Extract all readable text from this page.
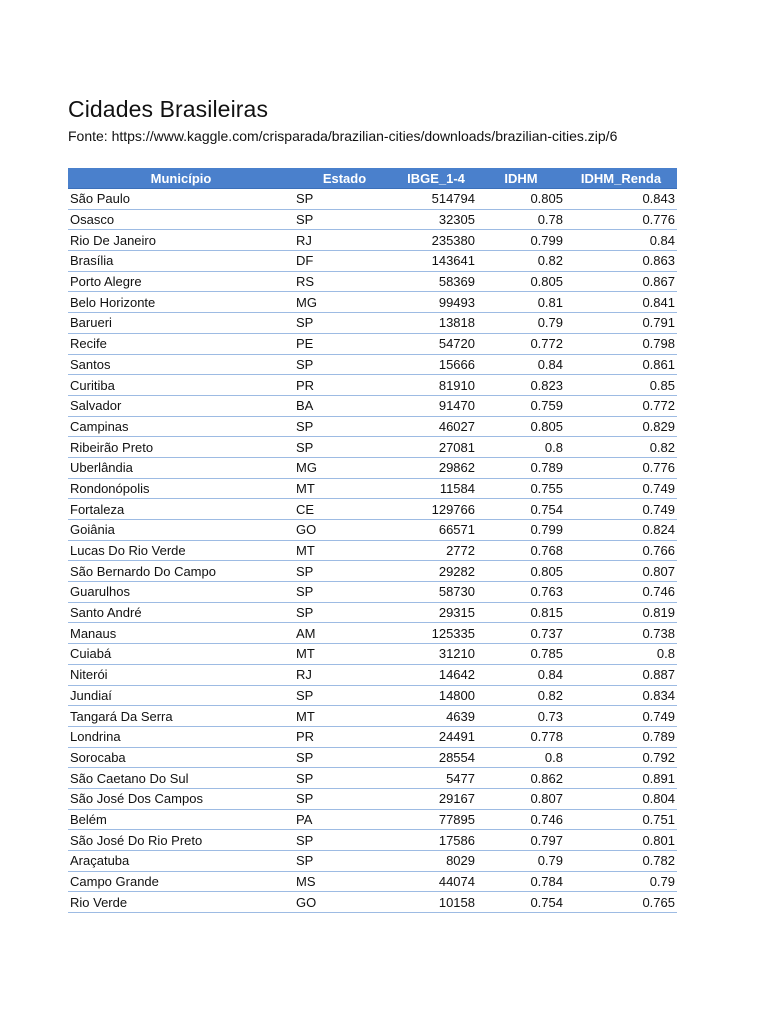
Cidades Brasileiras
Fonte: https://www.kaggle.com/crisparada/brazilian-cities/downloads/brazilian-cities.zip/6
Município	Estado	IBGE_1-4	IDHM	IDHM_Renda
São Paulo	SP	514794	0.805	0.843
Osasco	SP	32305	0.78	0.776
Rio De Janeiro	RJ	235380	0.799	0.84
Brasília	DF	143641	0.82	0.863
Porto Alegre	RS	58369	0.805	0.867
Belo Horizonte	MG	99493	0.81	0.841
Barueri	SP	13818	0.79	0.791
Recife	PE	54720	0.772	0.798
Santos	SP	15666	0.84	0.861
Curitiba	PR	81910	0.823	0.85
Salvador	BA	91470	0.759	0.772
Campinas	SP	46027	0.805	0.829
Ribeirão Preto	SP	27081	0.8	0.82
Uberlândia	MG	29862	0.789	0.776
Rondonópolis	MT	11584	0.755	0.749
Fortaleza	CE	129766	0.754	0.749
Goiânia	GO	66571	0.799	0.824
Lucas Do Rio Verde	MT	2772	0.768	0.766
São Bernardo Do Campo	SP	29282	0.805	0.807
Guarulhos	SP	58730	0.763	0.746
Santo André	SP	29315	0.815	0.819
Manaus	AM	125335	0.737	0.738
Cuiabá	MT	31210	0.785	0.8
Niterói	RJ	14642	0.84	0.887
Jundiaí	SP	14800	0.82	0.834
Tangará Da Serra	MT	4639	0.73	0.749
Londrina	PR	24491	0.778	0.789
Sorocaba	SP	28554	0.8	0.792
São Caetano Do Sul	SP	5477	0.862	0.891
São José Dos Campos	SP	29167	0.807	0.804
Belém	PA	77895	0.746	0.751
São José Do Rio Preto	SP	17586	0.797	0.801
Araçatuba	SP	8029	0.79	0.782
Campo Grande	MS	44074	0.784	0.79
Rio Verde	GO	10158	0.754	0.765
